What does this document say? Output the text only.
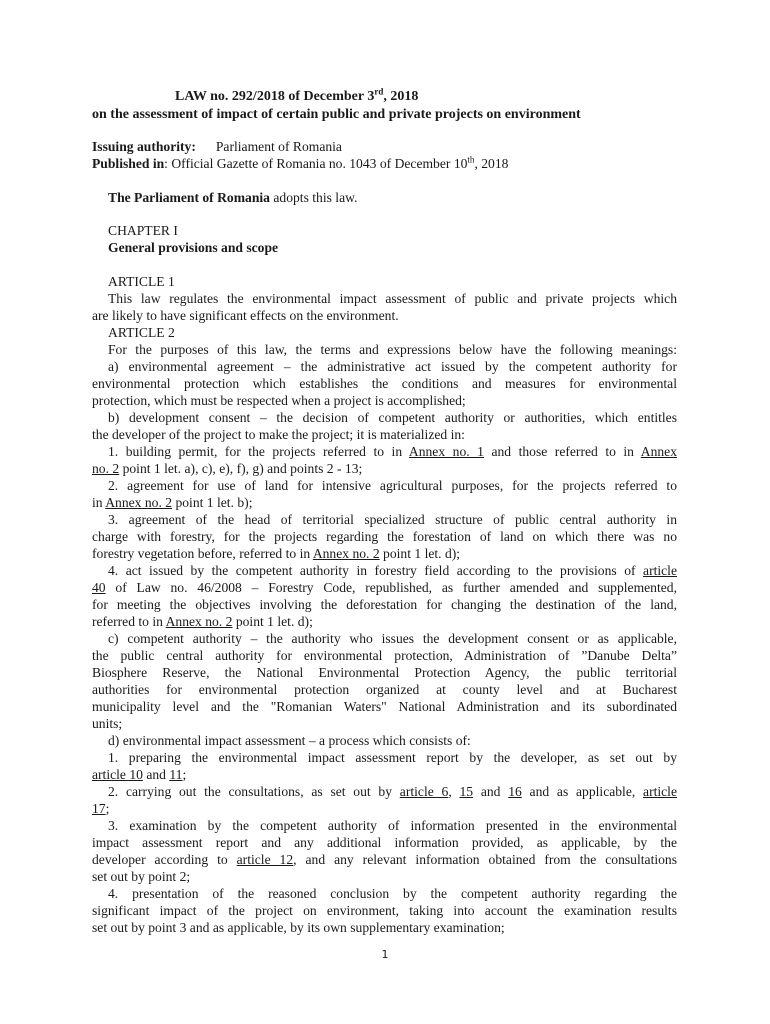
LAW no. 292/2018 of December 3rd, 2018
on the assessment of impact of certain public and private projects on environment
Issuing authority: Parliament of Romania
Published in: Official Gazette of Romania no. 1043 of December 10th, 2018
The Parliament of Romania adopts this law.
CHAPTER I
General provisions and scope
ARTICLE 1
This law regulates the environmental impact assessment of public and private projects which
are likely to have significant effects on the environment.
ARTICLE 2
For the purposes of this law, the terms and expressions below have the following meanings:
a) environmental agreement – the administrative act issued by the competent authority for
environmental protection which establishes the conditions and measures for environmental
protection, which must be respected when a project is accomplished;
b) development consent – the decision of competent authority or authorities, which entitles
the developer of the project to make the project; it is materialized in:
1. building permit, for the projects referred to in Annex no. 1 and those referred to in Annex
no. 2 point 1 let. a), c), e), f), g) and points 2 - 13;
2. agreement for use of land for intensive agricultural purposes, for the projects referred to
in Annex no. 2 point 1 let. b);
3. agreement of the head of territorial specialized structure of public central authority in
charge with forestry, for the projects regarding the forestation of land on which there was no
forestry vegetation before, referred to in Annex no. 2 point 1 let. d);
4. act issued by the competent authority in forestry field according to the provisions of article
40 of Law no. 46/2008 – Forestry Code, republished, as further amended and supplemented,
for meeting the objectives involving the deforestation for changing the destination of the land,
referred to in Annex no. 2 point 1 let. d);
c) competent authority – the authority who issues the development consent or as applicable,
the public central authority for environmental protection, Administration of ”Danube Delta”
Biosphere Reserve, the National Environmental Protection Agency, the public territorial
authorities for environmental protection organized at county level and at Bucharest
municipality level and the "Romanian Waters" National Administration and its subordinated
units;
d) environmental impact assessment – a process which consists of:
1. preparing the environmental impact assessment report by the developer, as set out by
article 10 and 11;
2. carrying out the consultations, as set out by article 6, 15 and 16 and as applicable, article
17;
3. examination by the competent authority of information presented in the environmental
impact assessment report and any additional information provided, as applicable, by the
developer according to article 12, and any relevant information obtained from the consultations
set out by point 2;
4. presentation of the reasoned conclusion by the competent authority regarding the
significant impact of the project on environment, taking into account the examination results
set out by point 3 and as applicable, by its own supplementary examination;
1
